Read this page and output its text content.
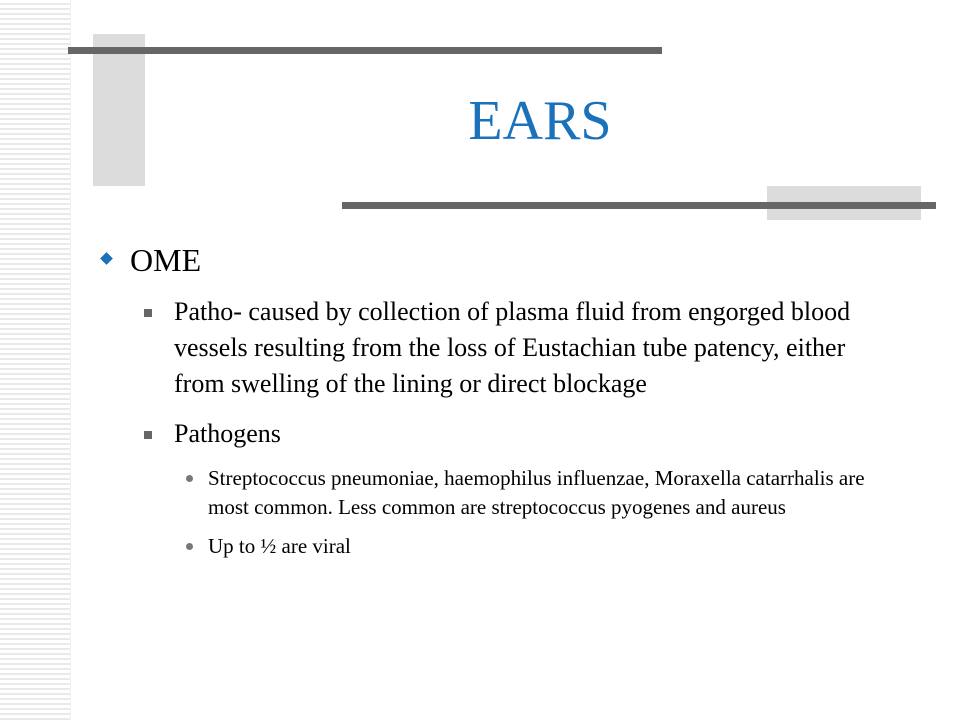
EARS
OME
Patho- caused by collection of plasma fluid from engorged blood vessels resulting from the loss of Eustachian tube patency, either from swelling of the lining or direct blockage
Pathogens
Streptococcus pneumoniae, haemophilus influenzae, Moraxella catarrhalis are most common. Less common are streptococcus pyogenes and aureus
Up to ½ are viral
